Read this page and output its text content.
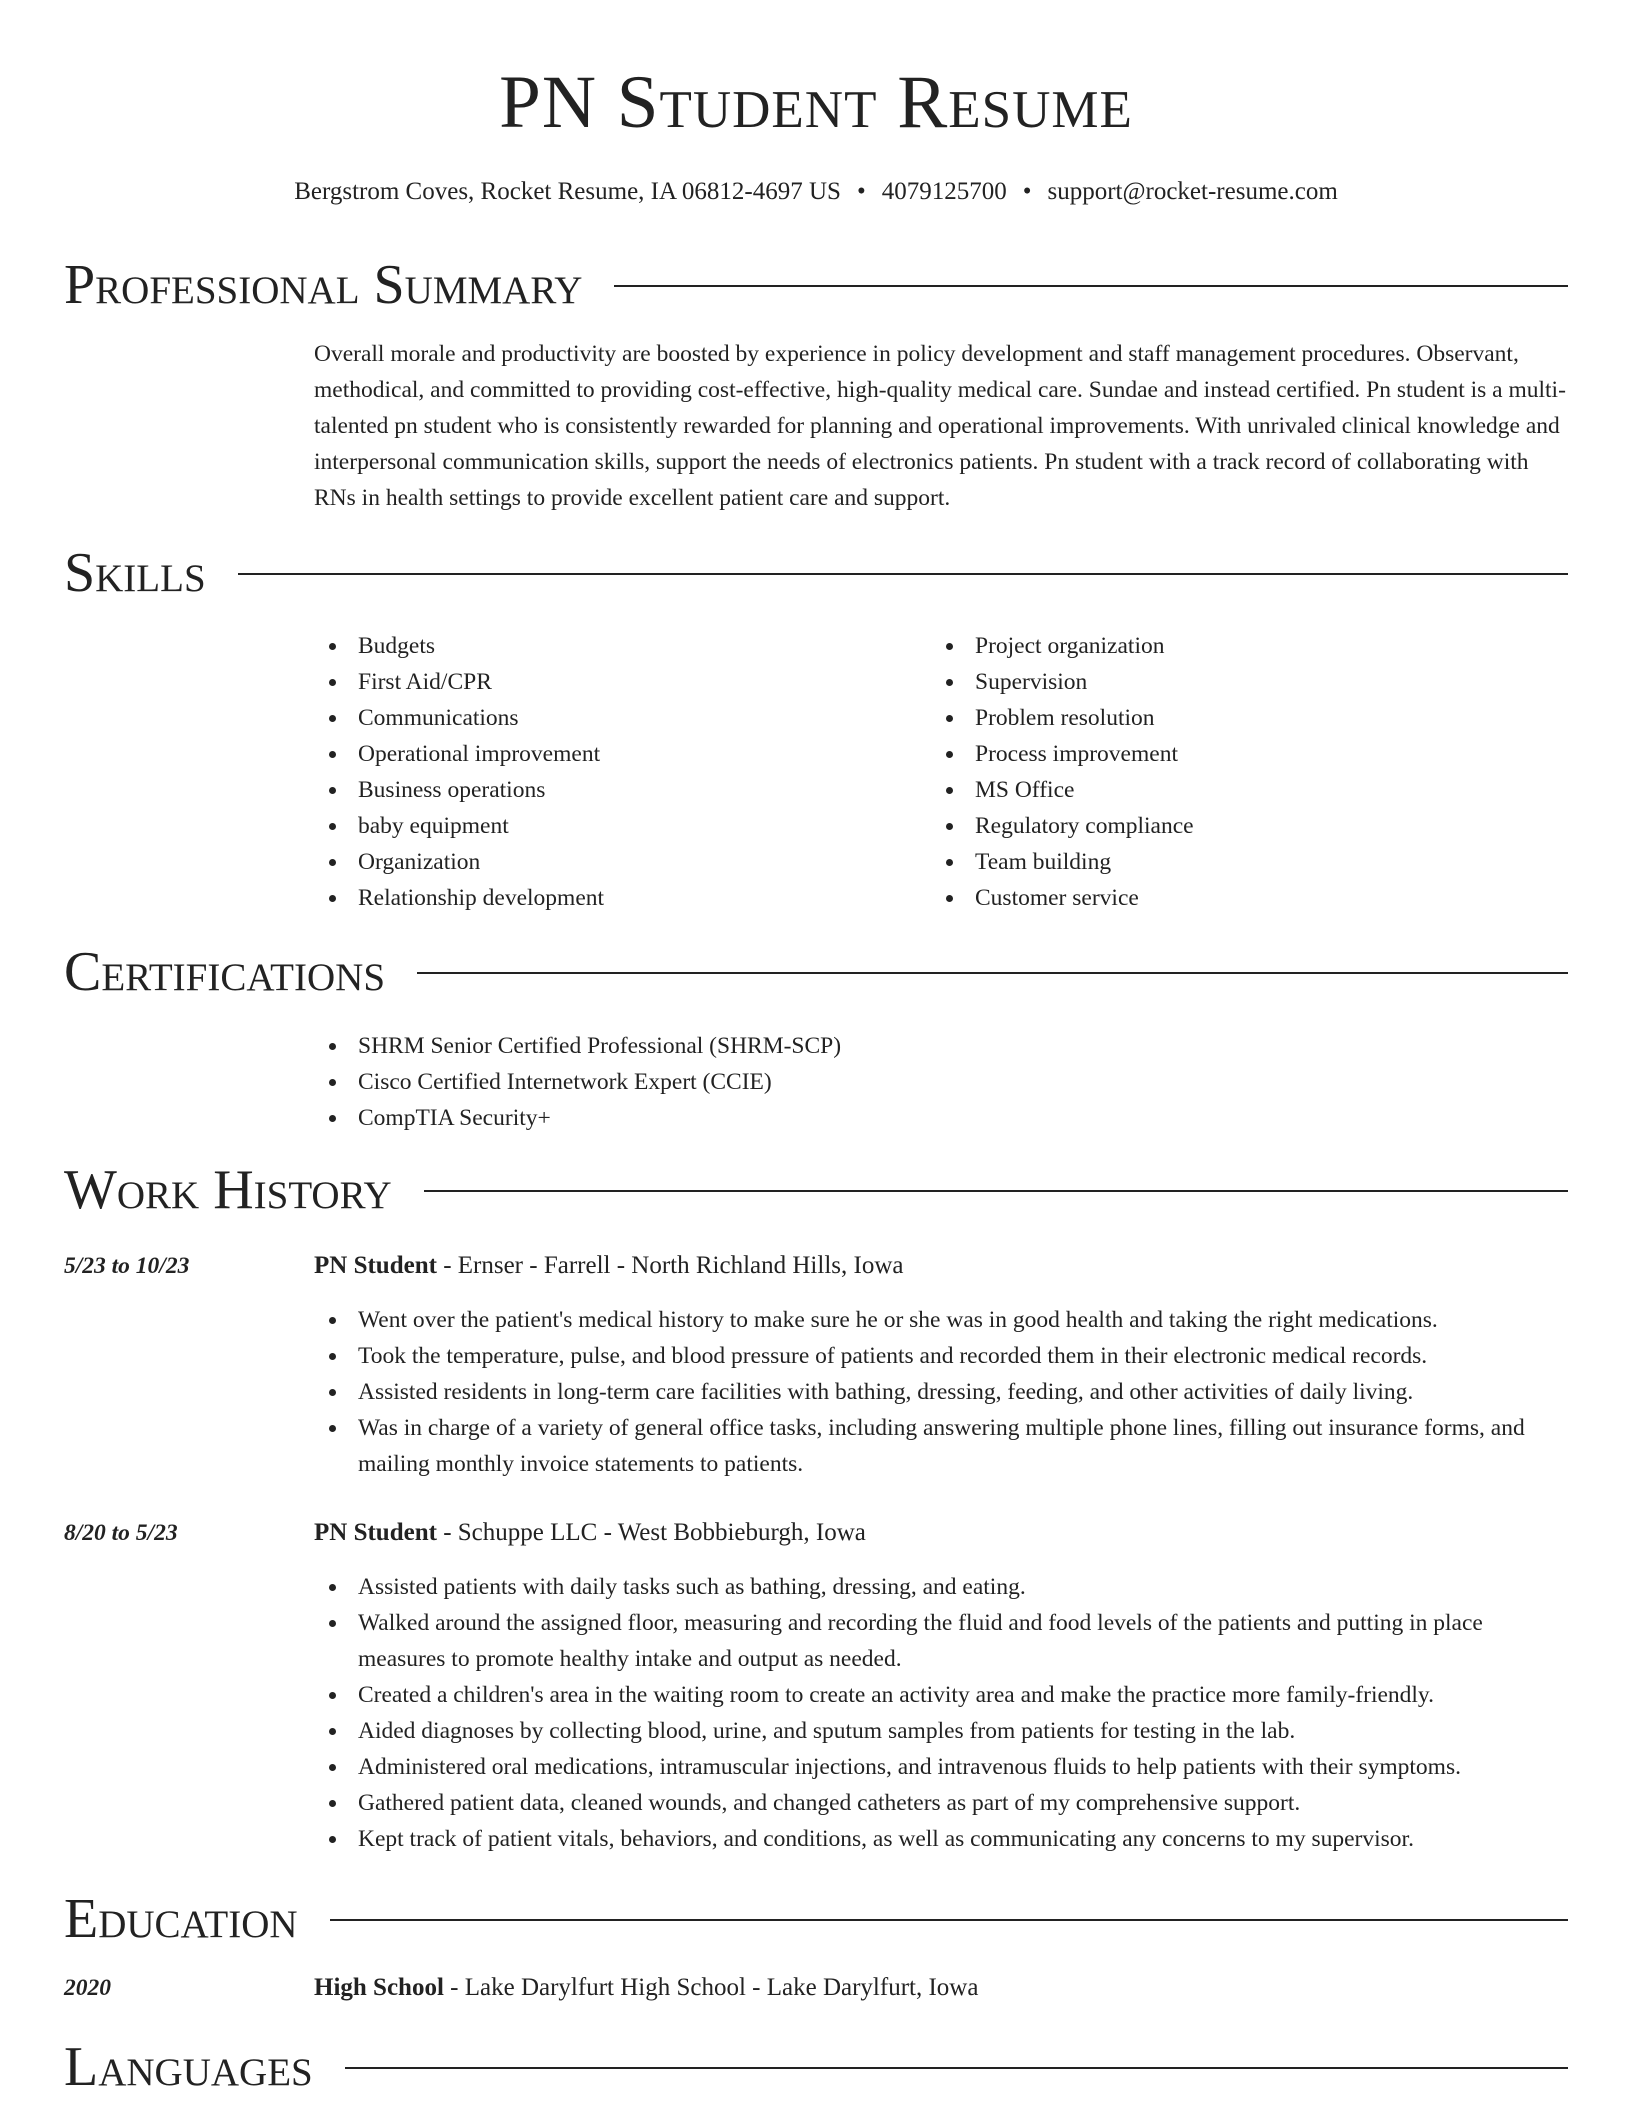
PN Student Resume
Bergstrom Coves, Rocket Resume, IA 06812-4697 US • 4079125700 • support@rocket-resume.com
Professional Summary
Overall morale and productivity are boosted by experience in policy development and staff management procedures. Observant, methodical, and committed to providing cost-effective, high-quality medical care. Sundae and instead certified. Pn student is a multi-talented pn student who is consistently rewarded for planning and operational improvements. With unrivaled clinical knowledge and interpersonal communication skills, support the needs of electronics patients. Pn student with a track record of collaborating with RNs in health settings to provide excellent patient care and support.
Skills
Budgets
First Aid/CPR
Communications
Operational improvement
Business operations
baby equipment
Organization
Relationship development
Project organization
Supervision
Problem resolution
Process improvement
MS Office
Regulatory compliance
Team building
Customer service
Certifications
SHRM Senior Certified Professional (SHRM-SCP)
Cisco Certified Internetwork Expert (CCIE)
CompTIA Security+
Work History
5/23 to 10/23	PN Student - Ernser - Farrell - North Richland Hills, Iowa
Went over the patient's medical history to make sure he or she was in good health and taking the right medications.
Took the temperature, pulse, and blood pressure of patients and recorded them in their electronic medical records.
Assisted residents in long-term care facilities with bathing, dressing, feeding, and other activities of daily living.
Was in charge of a variety of general office tasks, including answering multiple phone lines, filling out insurance forms, and mailing monthly invoice statements to patients.
8/20 to 5/23	PN Student - Schuppe LLC - West Bobbieburgh, Iowa
Assisted patients with daily tasks such as bathing, dressing, and eating.
Walked around the assigned floor, measuring and recording the fluid and food levels of the patients and putting in place measures to promote healthy intake and output as needed.
Created a children's area in the waiting room to create an activity area and make the practice more family-friendly.
Aided diagnoses by collecting blood, urine, and sputum samples from patients for testing in the lab.
Administered oral medications, intramuscular injections, and intravenous fluids to help patients with their symptoms.
Gathered patient data, cleaned wounds, and changed catheters as part of my comprehensive support.
Kept track of patient vitals, behaviors, and conditions, as well as communicating any concerns to my supervisor.
Education
2020	High School - Lake Darylfurt High School - Lake Darylfurt, Iowa
Languages
